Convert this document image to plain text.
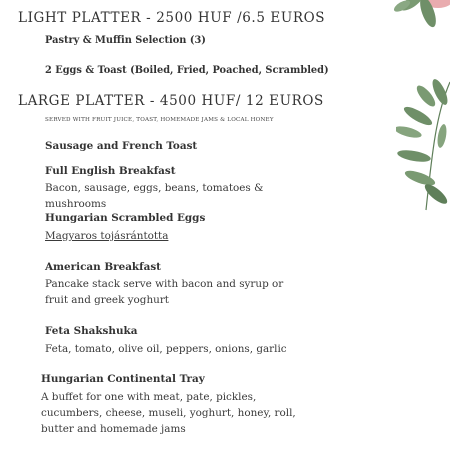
LIGHT PLATTER - 2500 HUF /6.5 EUROS

Pastry & Muffin Selection (3)

2 Eggs & Toast (Boiled, Fried, Poached, Scrambled)

LARGE PLATTER - 4500 HUF/ 12 EUROS

SERVED WITH FRUIT JUICE, TOAST, HOMEMADE JAMS & LOCAL HONEY

Sausage and French Toast

Full English Breakfast

Bacon, sausage, eggs, beans, tomatoes &

mushrooms

Hungarian Scrambled Eggs

Magyaros tojásrántotta

American Breakfast

Pancake stack serve with bacon and syrup or

fruit and greek yoghurt

Feta Shakshuka

Feta, tomato, olive oil, peppers, onions, garlic

Hungarian Continental Tray

A buffet for one with meat, pate, pickles,

cucumbers, cheese, museli, yoghurt, honey, roll,

butter and homemade jams
